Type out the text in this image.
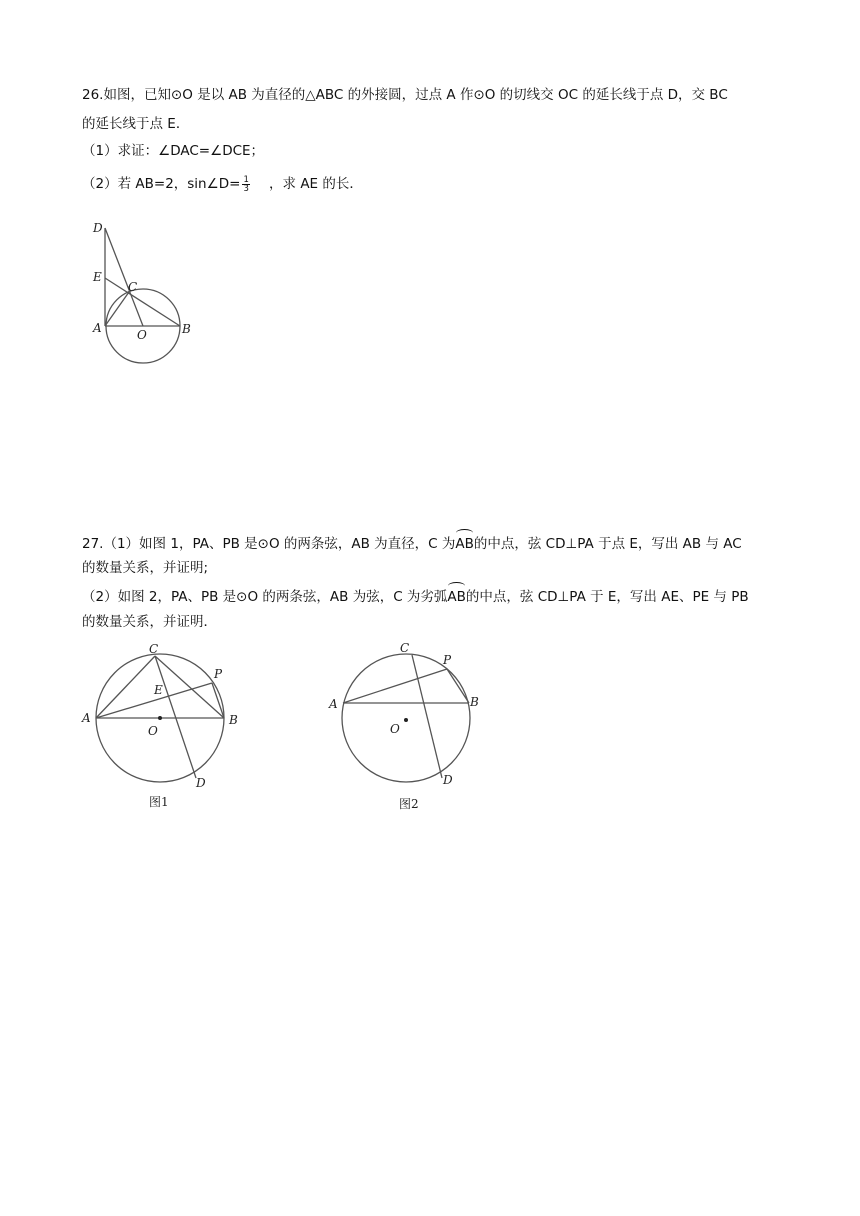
26.如图，已知⊙O 是以 AB 为直径的△ABC 的外接圆，过点 A 作⊙O 的切线交 OC 的延长线于点 D，交 BC
的延长线于点 E．
（1）求证：∠DAC=∠DCE；
（2）若 AB=2，sin∠D= $\frac{1}{3}$ ，求 AE 的长．
D
E
C
A	O	B
27.（1）如图 1，PA、PB 是⊙O 的两条弦，AB 为直径，C 为AB的中点，弦 CD⊥PA 于点 E，写出 AB 与 AC
的数量关系，并证明;
（2）如图 2，PA、PB 是⊙O 的两条弦，AB 为弦，C 为劣弧AB的中点，弦 CD⊥PA 于 E，写出 AE、PE 与 PB
的数量关系，并证明．
C
P
E
A	B
O
D
图1
C
P
A	B
O
D
图2
